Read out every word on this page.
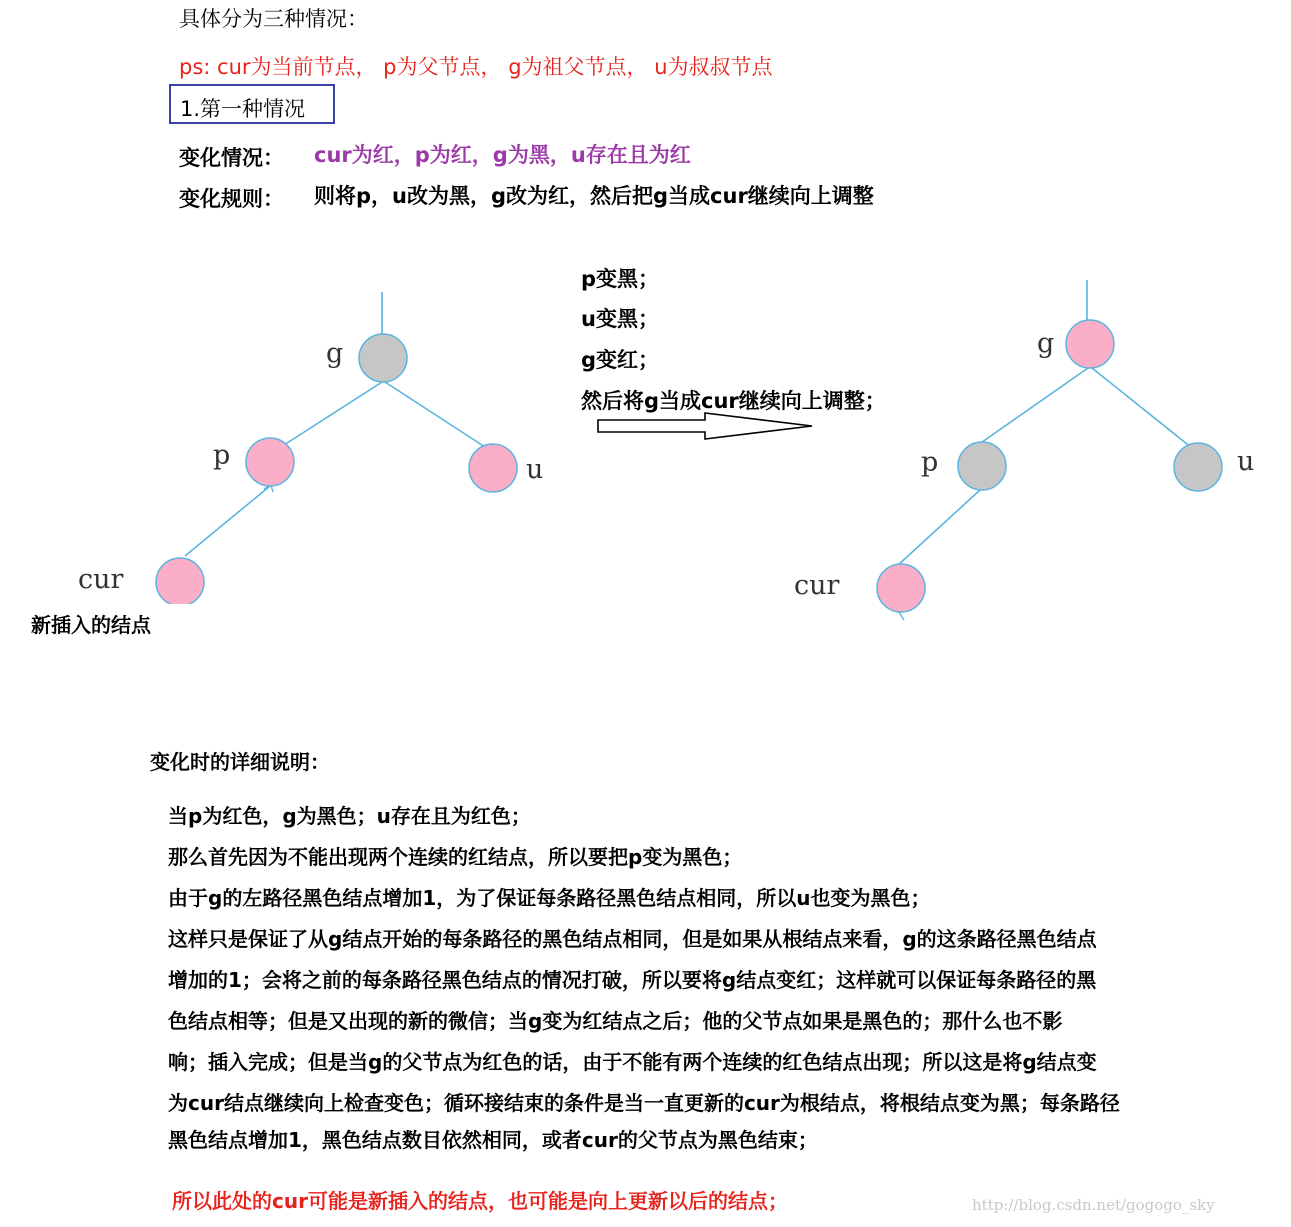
具体分为三种情况：
ps: cur为当前节点， p为父节点， g为祖父节点， u为叔叔节点
1.第一种情况
变化情况： cur为红，p为红，g为黑，u存在且为红
变化规则： 则将p，u改为黑，g改为红，然后把g当成cur继续向上调整
p变黑；
u变黑；
g变红；
然后将g当成cur继续向上调整；
g
p	u
cur
g
p	u
cur
新插入的结点
变化时的详细说明：
当p为红色，g为黑色；u存在且为红色；
那么首先因为不能出现两个连续的红结点，所以要把p变为黑色；
由于g的左路径黑色结点增加1，为了保证每条路径黑色结点相同，所以u也变为黑色；
这样只是保证了从g结点开始的每条路径的黑色结点相同，但是如果从根结点来看，g的这条路径黑色结点
增加的1；会将之前的每条路径黑色结点的情况打破，所以要将g结点变红；这样就可以保证每条路径的黑
色结点相等；但是又出现的新的微信；当g变为红结点之后；他的父节点如果是黑色的；那什么也不影
响；插入完成；但是当g的父节点为红色的话，由于不能有两个连续的红色结点出现；所以这是将g结点变
为cur结点继续向上检查变色；循环接结束的条件是当一直更新的cur为根结点，将根结点变为黑；每条路径
黑色结点增加1，黑色结点数目依然相同，或者cur的父节点为黑色结束；
所以此处的cur可能是新插入的结点，也可能是向上更新以后的结点；	http://blog.csdn.net/gogogo_sky
